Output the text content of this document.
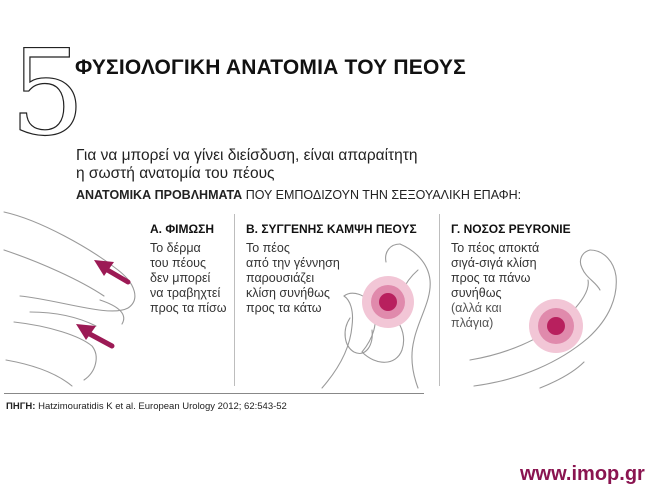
5
ΦΥΣΙΟΛΟΓΙΚΗ ΑΝΑΤΟΜΙΑ ΤΟΥ ΠΕΟΥΣ
Για να μπορεί να γίνει διείσδυση, είναι απαραίτητη
η σωστή ανατομία του πέους
ΑΝΑΤΟΜΙΚΑ ΠΡΟΒΛΗΜΑΤΑ ΠΟΥ ΕΜΠΟΔΙΖΟΥΝ ΤΗΝ ΣΕΞΟΥΑΛΙΚΗ ΕΠΑΦΗ:
Α. ΦΙΜΩΣΗ
Το δέρμα
του πέους
δεν μπορεί
να τραβηχτεί
προς τα πίσω
Β. ΣΥΓΓΕΝΗΣ ΚΑΜΨΗ ΠΕΟΥΣ
Το πέος
από την γέννηση
παρουσιάζει
κλίση συνήθως
προς τα κάτω
Γ. ΝΟΣΟΣ PEYRONIE
Το πέος αποκτά
σιγά-σιγά κλίση
προς τα πάνω
συνήθως
(αλλά και
πλάγια)
ΠΗΓΗ: Hatzimouratidis K et al. European Urology 2012; 62:543-52
www.imop.gr
